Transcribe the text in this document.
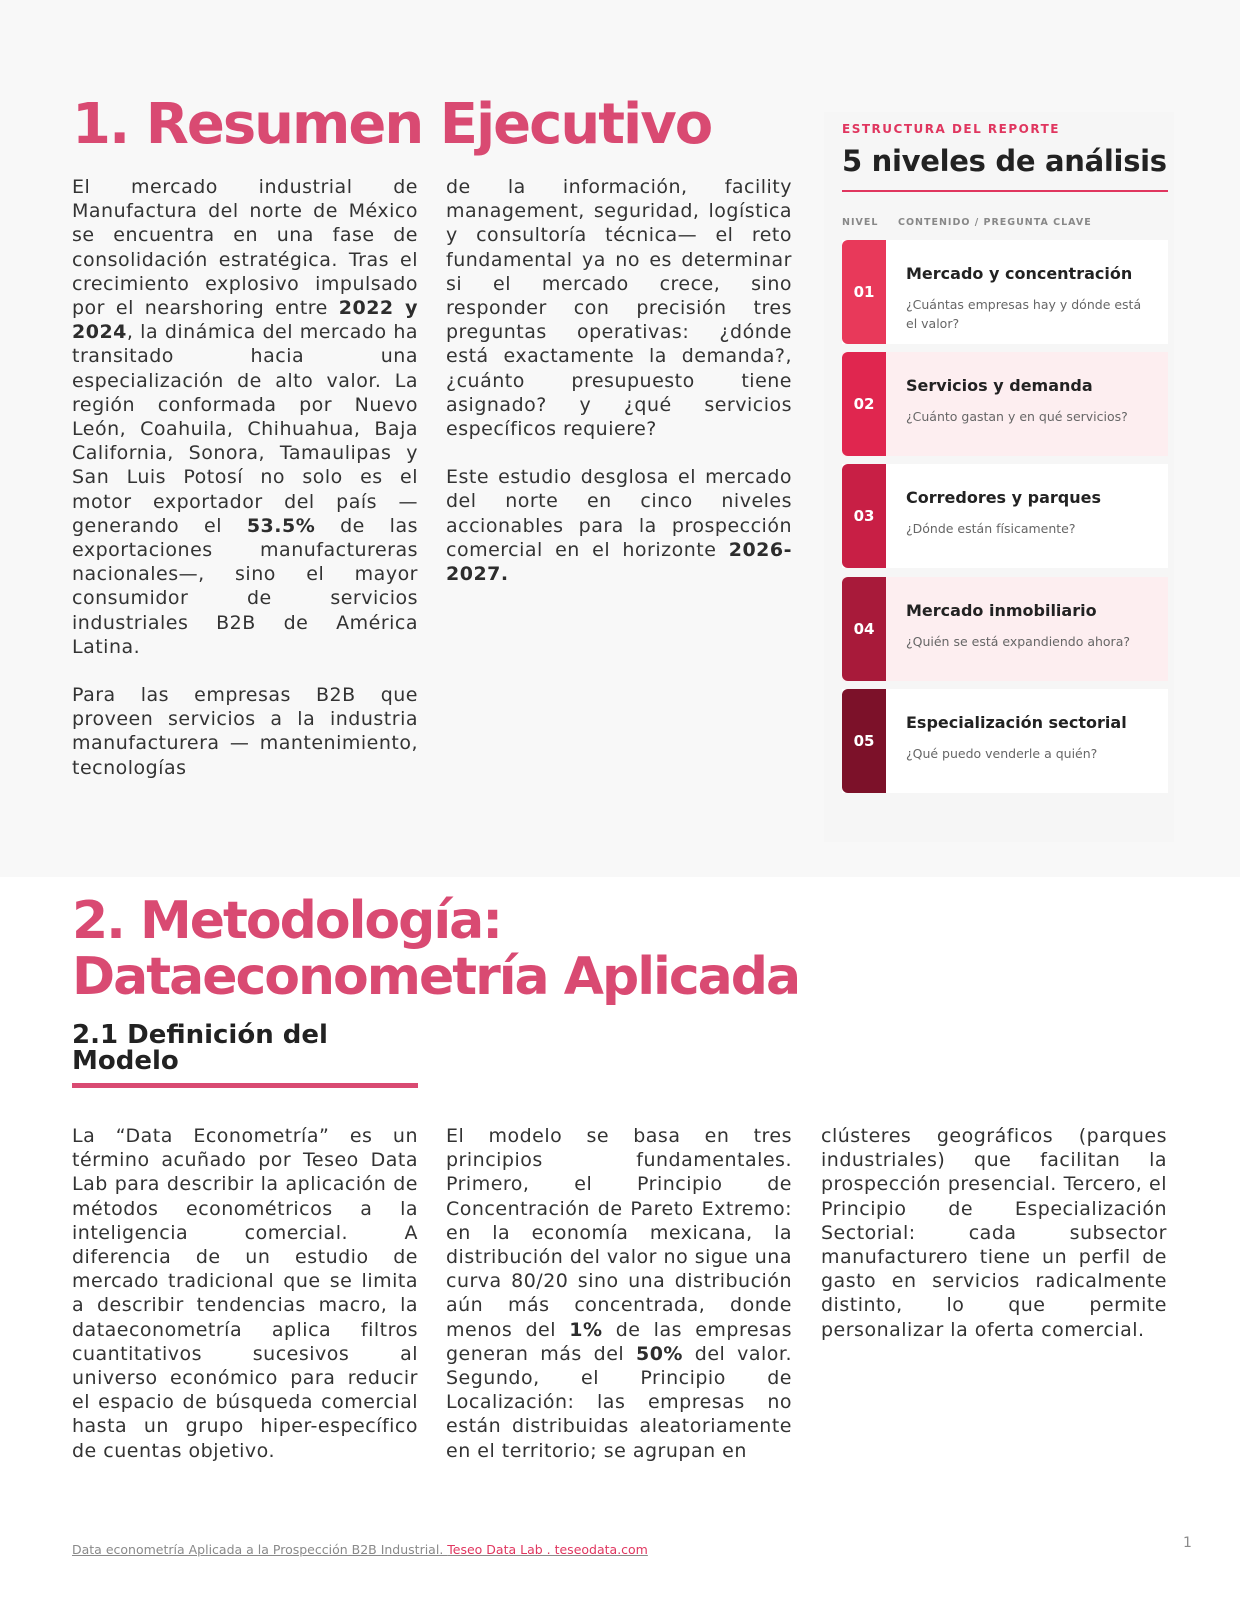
1. Resumen Ejecutivo

El mercado industrial de Manufactura del norte de México se encuentra en una fase de consolidación estratégica. Tras el crecimiento explosivo impulsado por el nearshoring entre 2022 y 2024, la dinámica del mercado ha transitado hacia una especialización de alto valor. La región conformada por Nuevo León, Coahuila, Chihuahua, Baja California, Sonora, Tamaulipas y San Luis Potosí no solo es el motor exportador del país —generando el 53.5% de las exportaciones manufactureras nacionales—, sino el mayor consumidor de servicios industriales B2B de América Latina.

Para las empresas B2B que proveen servicios a la industria manufacturera — mantenimiento, tecnologías

de la información, facility management, seguridad, logística y consultoría técnica— el reto fundamental ya no es determinar si el mercado crece, sino responder con precisión tres preguntas operativas: ¿dónde está exactamente la demanda?, ¿cuánto presupuesto tiene asignado? y ¿qué servicios específicos requiere?

Este estudio desglosa el mercado del norte en cinco niveles accionables para la prospección comercial en el horizonte 2026-2027.

ESTRUCTURA DEL REPORTE
5 niveles de análisis
NIVEL CONTENIDO / PREGUNTA CLAVE
01
Mercado y concentración
¿Cuántas empresas hay y dónde está el valor?
02
Servicios y demanda
¿Cuánto gastan y en qué servicios?
03
Corredores y parques
¿Dónde están físicamente?
04
Mercado inmobiliario
¿Quién se está expandiendo ahora?
05
Especialización sectorial
¿Qué puedo venderle a quién?
2. Metodología: Dataeconometría Aplicada
2.1 Definición del Modelo

La “Data Econometría” es un término acuñado por Teseo Data Lab para describir la aplicación de métodos econométricos a la inteligencia comercial. A diferencia de un estudio de mercado tradicional que se limita a describir tendencias macro, la dataeconometría aplica filtros cuantitativos sucesivos al universo económico para reducir el espacio de búsqueda comercial hasta un grupo hiper-específico de cuentas objetivo.

El modelo se basa en tres principios fundamentales. Primero, el Principio de Concentración de Pareto Extremo: en la economía mexicana, la distribución del valor no sigue una curva 80/20 sino una distribución aún más concentrada, donde menos del 1% de las empresas generan más del 50% del valor. Segundo, el Principio de Localización: las empresas no están distribuidas aleatoriamente en el territorio; se agrupan en

clústeres geográficos (parques industriales) que facilitan la prospección presencial. Tercero, el Principio de Especialización Sectorial: cada subsector manufacturero tiene un perfil de gasto en servicios radicalmente distinto, lo que permite personalizar la oferta comercial.

Data econometría Aplicada a la Prospección B2B Industrial. Teseo Data Lab . teseodata.com	1
